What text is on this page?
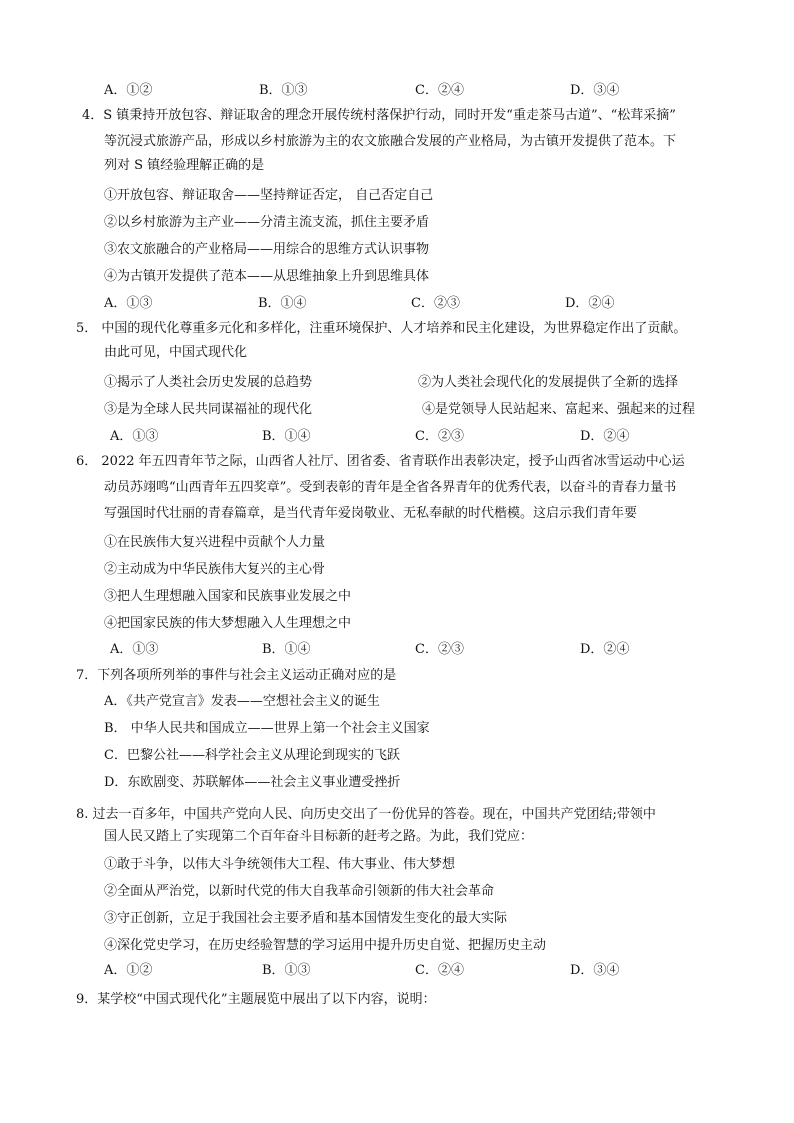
A．①②	B．①③	C．②④	D．③④
4．S 镇秉持开放包容、辩证取舍的理念开展传统村落保护行动，同时开发“重走茶马古道”、“松茸采摘”
等沉浸式旅游产品，形成以乡村旅游为主的农文旅融合发展的产业格局，为古镇开发提供了范本。下
列对 S 镇经验理解正确的是
①开放包容、辩证取舍——坚持辩证否定， 自己否定自己
②以乡村旅游为主产业——分清主流支流，抓住主要矛盾
③农文旅融合的产业格局——用综合的思维方式认识事物
④为古镇开发提供了范本——从思维抽象上升到思维具体
A．①③	B．①④	C．②③	D．②④
5． 中国的现代化尊重多元化和多样化，注重环境保护、人才培养和民主化建设，为世界稳定作出了贡献。
由此可见，中国式现代化
①揭示了人类社会历史发展的总趋势	②为人类社会现代化的发展提供了全新的选择
③是为全球人民共同谋福祉的现代化	④是党领导人民站起来、富起来、强起来的过程
A．①③	B．①④	C．②③	D．②④
6． 2022 年五四青年节之际，山西省人社厅、团省委、省青联作出表彰决定，授予山西省冰雪运动中心运
动员苏翊鸣“山西青年五四奖章”。受到表彰的青年是全省各界青年的优秀代表，以奋斗的青春力量书
写强国时代壮丽的青春篇章，是当代青年爱岗敬业、无私奉献的时代楷模。这启示我们青年要
①在民族伟大复兴进程中贡献个人力量
②主动成为中华民族伟大复兴的主心骨
③把人生理想融入国家和民族事业发展之中
④把国家民族的伟大梦想融入人生理想之中
A．①③	B．①④	C．②③	D．②④
7．下列各项所列举的事件与社会主义运动正确对应的是
A．《共产党宣言》发表——空想社会主义的诞生
B． 中华人民共和国成立——世界上第一个社会主义国家
C．巴黎公社——科学社会主义从理论到现实的飞跃
D．东欧剧变、苏联解体——社会主义事业遭受挫折
8. 过去一百多年，中国共产党向人民、向历史交出了一份优异的答卷。现在，中国共产党团结;带领中
国人民又踏上了实现第二个百年奋斗目标新的赶考之路。为此，我们党应：
①敢于斗争，以伟大斗争统领伟大工程、伟大事业、伟大梦想
②全面从严治党，以新时代党的伟大自我革命引领新的伟大社会革命
③守正创新，立足于我国社会主要矛盾和基本国情发生变化的最大实际
④深化党史学习，在历史经验智慧的学习运用中提升历史自觉、把握历史主动
A．①②	B．①③	C．②④	D．③④
9．某学校“中国式现代化”主题展览中展出了以下内容，说明：
